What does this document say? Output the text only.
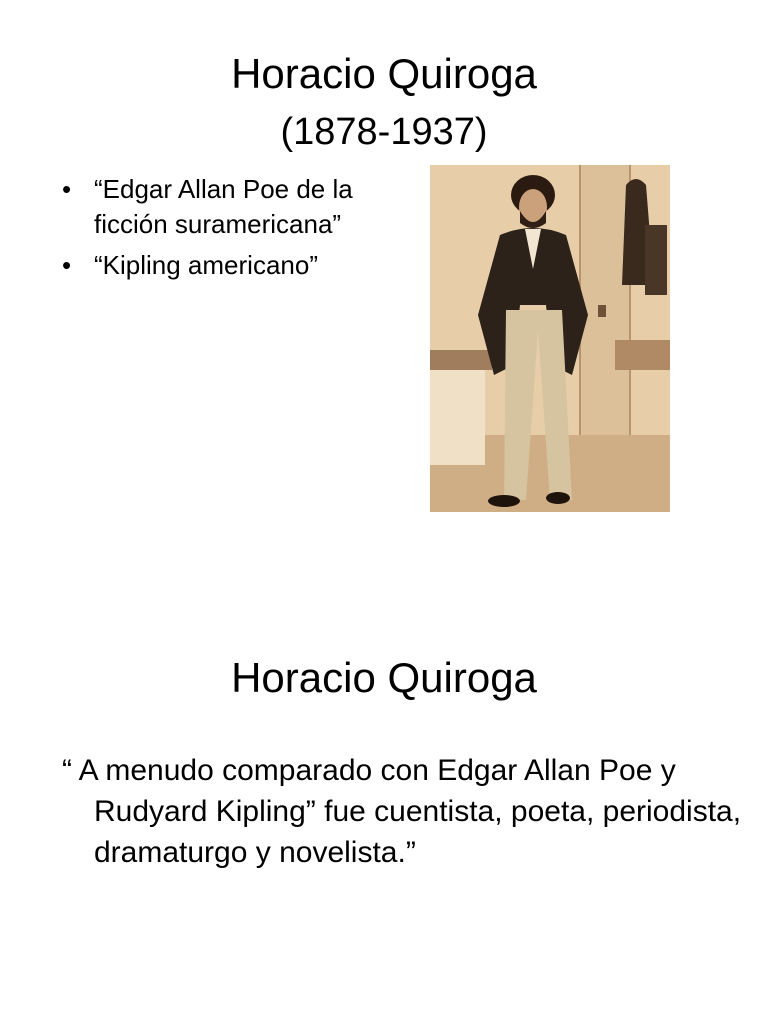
Horacio Quiroga
(1878-1937)
• “Edgar Allan Poe de la ficción suramericana”
• “Kipling americano”
Horacio Quiroga

“ A menudo comparado con Edgar Allan Poe y Rudyard Kipling” fue cuentista, poeta, periodista, dramaturgo y novelista.”
